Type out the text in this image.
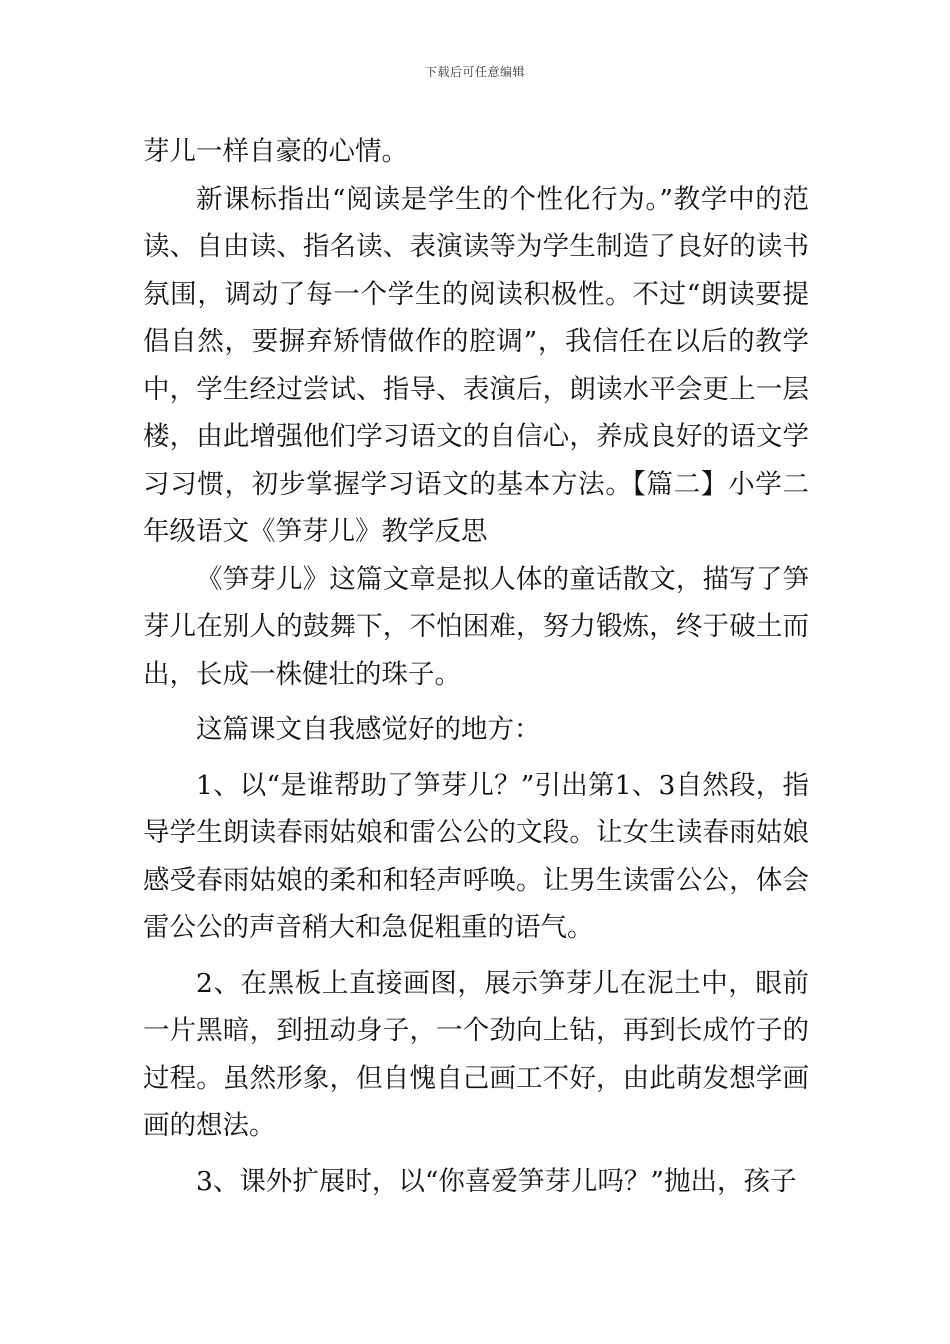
下载后可任意编辑

芽儿一样自豪的心情。

新课标指出“阅读是学生的个性化行为。”教学中的范读、自由读、指名读、表演读等为学生制造了良好的读书氛围，调动了每一个学生的阅读积极性。不过“朗读要提倡自然，要摒弃矫情做作的腔调”，我信任在以后的教学中，学生经过尝试、指导、表演后，朗读水平会更上一层楼，由此增强他们学习语文的自信心，养成良好的语文学习习惯，初步掌握学习语文的基本方法。【篇二】小学二年级语文《笋芽儿》教学反思

《笋芽儿》这篇文章是拟人体的童话散文，描写了笋芽儿在别人的鼓舞下，不怕困难，努力锻炼，终于破土而出，长成一株健壮的珠子。

这篇课文自我感觉好的地方：

1、以“是谁帮助了笋芽儿？”引出第1、3自然段，指导学生朗读春雨姑娘和雷公公的文段。让女生读春雨姑娘感受春雨姑娘的柔和和轻声呼唤。让男生读雷公公，体会雷公公的声音稍大和急促粗重的语气。

2、在黑板上直接画图，展示笋芽儿在泥土中，眼前一片黑暗，到扭动身子，一个劲向上钻，再到长成竹子的过程。虽然形象，但自愧自己画工不好，由此萌发想学画画的想法。

3、课外扩展时，以“你喜爱笋芽儿吗？”抛出，孩子
